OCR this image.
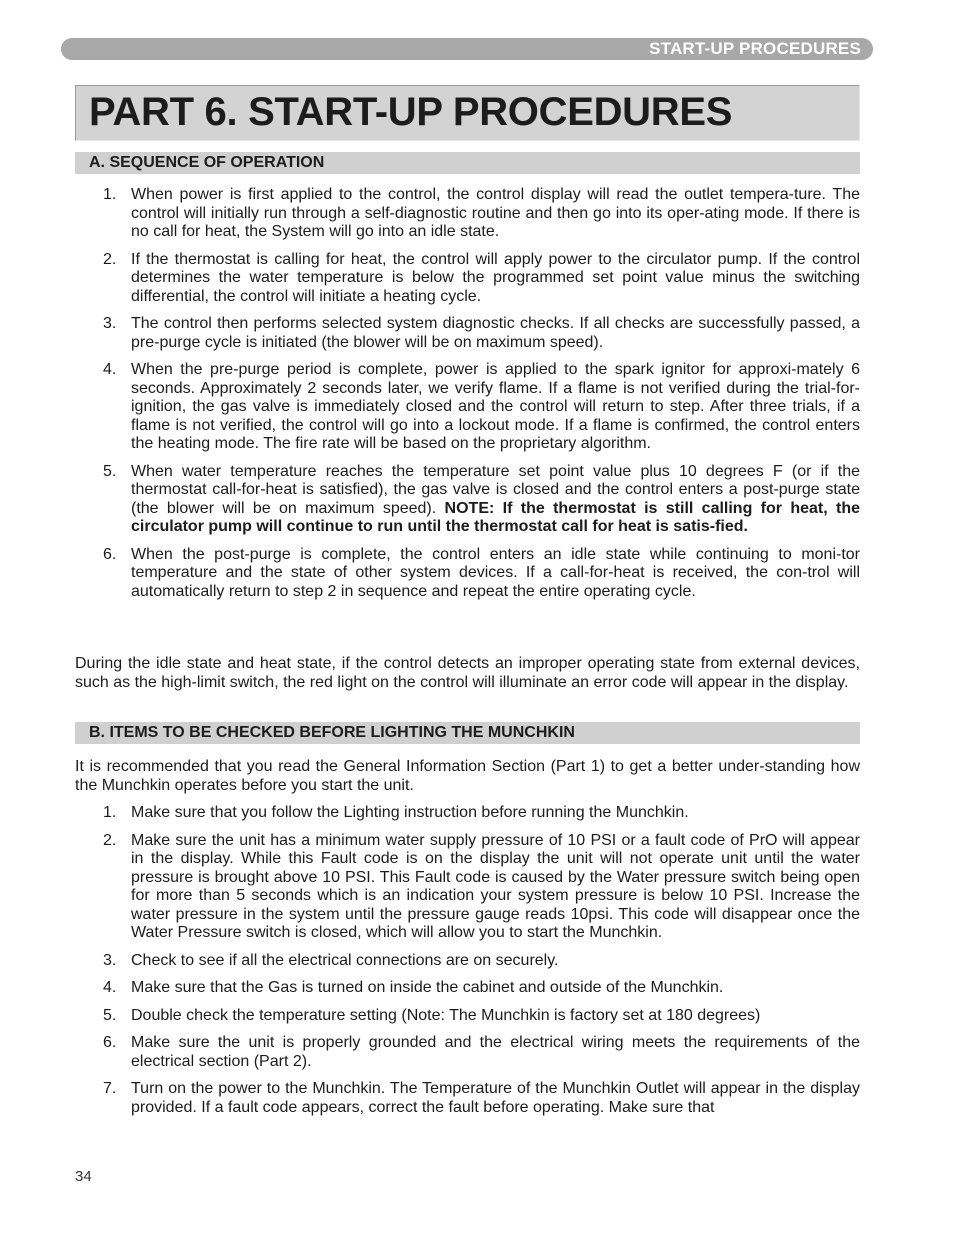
START-UP PROCEDURES
PART 6. START-UP PROCEDURES
A. SEQUENCE OF OPERATION
1. When power is first applied to the control, the control display will read the outlet tempera-ture. The control will initially run through a self-diagnostic routine and then go into its oper-ating mode. If there is no call for heat, the System will go into an idle state.
2. If the thermostat is calling for heat, the control will apply power to the circulator pump. If the control determines the water temperature is below the programmed set point value minus the switching differential, the control will initiate a heating cycle.
3. The control then performs selected system diagnostic checks. If all checks are successfully passed, a pre-purge cycle is initiated (the blower will be on maximum speed).
4. When the pre-purge period is complete, power is applied to the spark ignitor for approxi-mately 6 seconds. Approximately 2 seconds later, we verify flame. If a flame is not verified during the trial-for-ignition, the gas valve is immediately closed and the control will return to step. After three trials, if a flame is not verified, the control will go into a lockout mode. If a flame is confirmed, the control enters the heating mode. The fire rate will be based on the proprietary algorithm.
5. When water temperature reaches the temperature set point value plus 10 degrees F (or if the thermostat call-for-heat is satisfied), the gas valve is closed and the control enters a post-purge state (the blower will be on maximum speed). NOTE: If the thermostat is still calling for heat, the circulator pump will continue to run until the thermostat call for heat is satis-fied.
6. When the post-purge is complete, the control enters an idle state while continuing to moni-tor temperature and the state of other system devices. If a call-for-heat is received, the con-trol will automatically return to step 2 in sequence and repeat the entire operating cycle.
During the idle state and heat state, if the control detects an improper operating state from external devices, such as the high-limit switch, the red light on the control will illuminate an error code will appear in the display.
B. ITEMS TO BE CHECKED BEFORE LIGHTING THE MUNCHKIN
It is recommended that you read the General Information Section (Part 1) to get a better under-standing how the Munchkin operates before you start the unit.
1. Make sure that you follow the Lighting instruction before running the Munchkin.
2. Make sure the unit has a minimum water supply pressure of 10 PSI or a fault code of PrO will appear in the display. While this Fault code is on the display the unit will not operate unit until the water pressure is brought above 10 PSI. This Fault code is caused by the Water pressure switch being open for more than 5 seconds which is an indication your system pressure is below 10 PSI. Increase the water pressure in the system until the pressure gauge reads 10psi. This code will disappear once the Water Pressure switch is closed, which will allow you to start the Munchkin.
3. Check to see if all the electrical connections are on securely.
4. Make sure that the Gas is turned on inside the cabinet and outside of the Munchkin.
5. Double check the temperature setting (Note: The Munchkin is factory set at 180 degrees)
6. Make sure the unit is properly grounded and the electrical wiring meets the requirements of the electrical section (Part 2).
7. Turn on the power to the Munchkin. The Temperature of the Munchkin Outlet will appear in the display provided. If a fault code appears, correct the fault before operating. Make sure that
34
